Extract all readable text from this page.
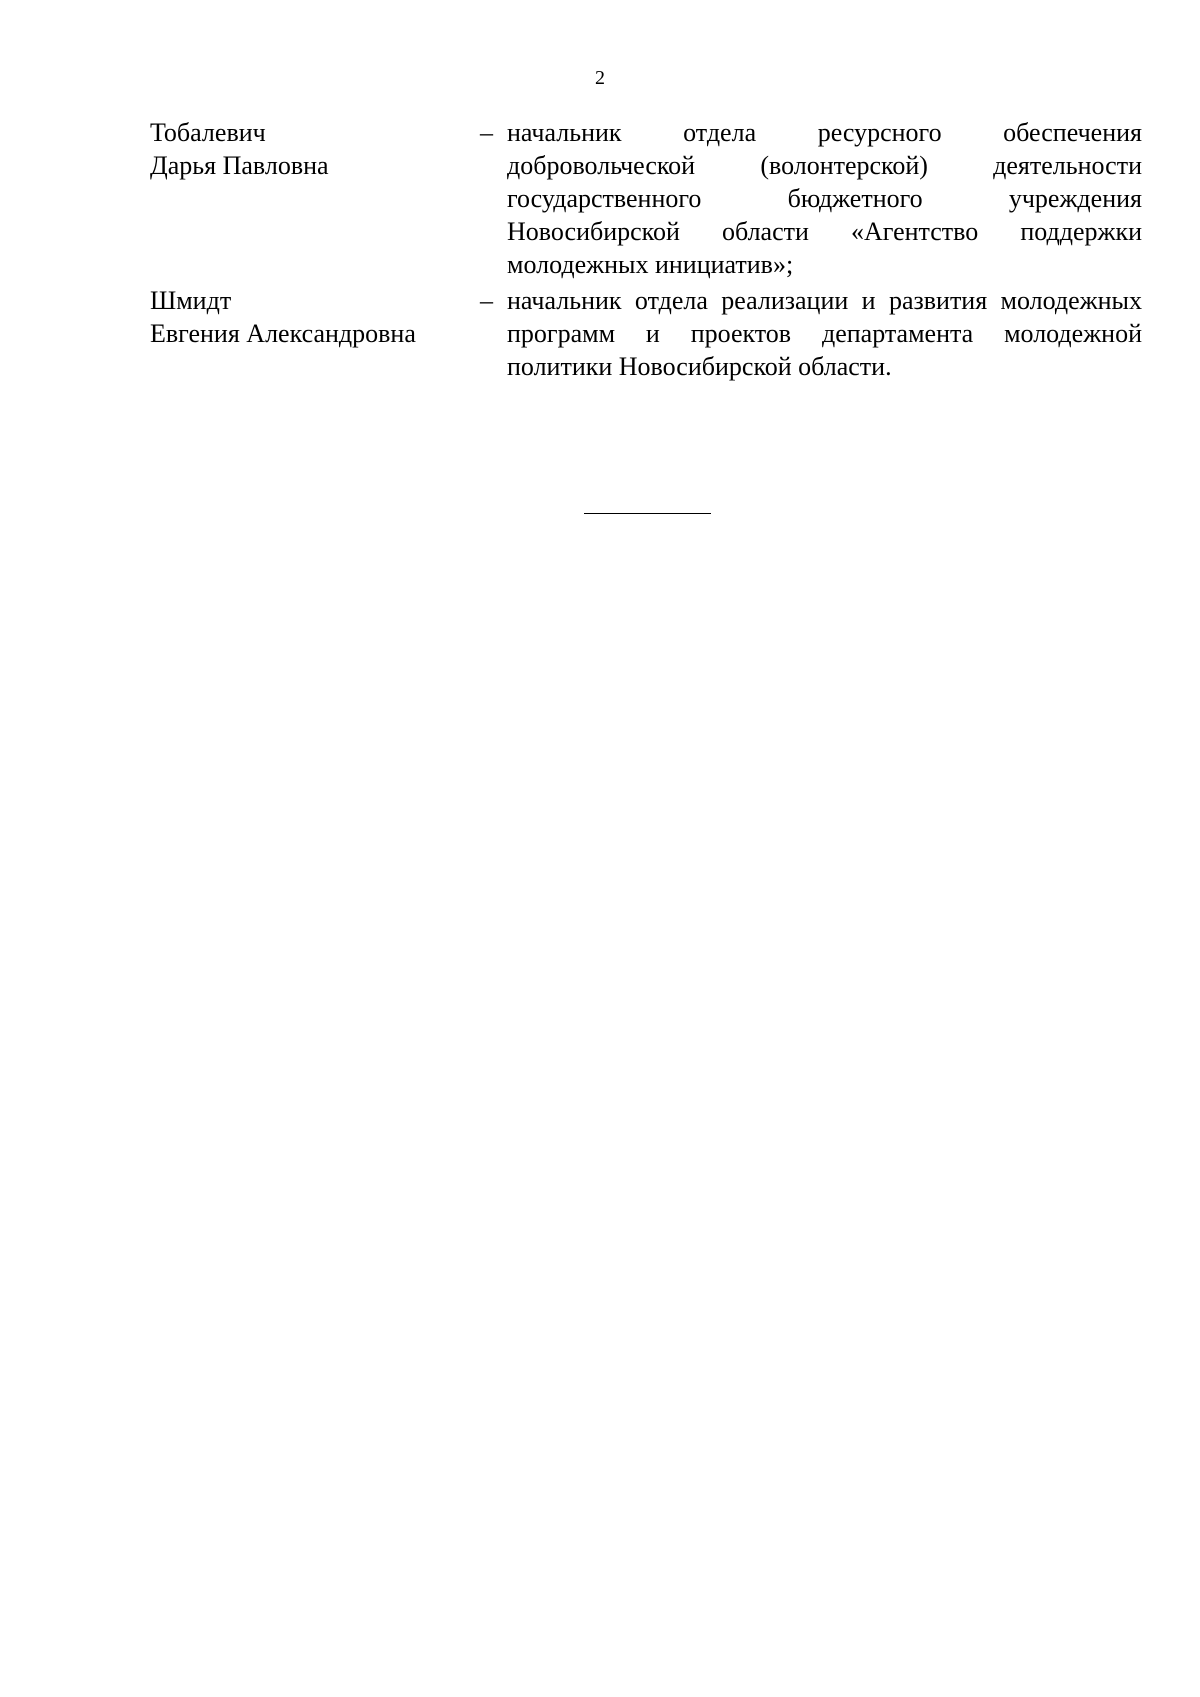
2
Тобалевич
Дарья Павловна
– начальник отдела ресурсного обеспечения добровольческой (волонтерской) деятельности государственного бюджетного учреждения Новосибирской области «Агентство поддержки молодежных инициатив»;
Шмидт
Евгения Александровна
– начальник отдела реализации и развития молодежных программ и проектов департамента молодежной политики Новосибирской области.
